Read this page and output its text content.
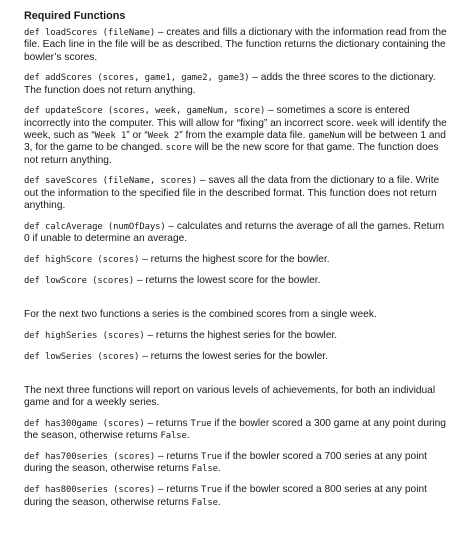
Required Functions

def loadScores (fileName) – creates and fills a dictionary with the information read from the file. Each line in the file will be as described. The function returns the dictionary containing the bowler’s scores.

def addScores (scores, game1, game2, game3) – adds the three scores to the dictionary. The function does not return anything.

def updateScore (scores, week, gameNum, score) – sometimes a score is entered incorrectly into the computer. This will allow for “fixing” an incorrect score. week will identify the week, such as “Week 1” or “Week 2” from the example data file. gameNum will be between 1 and 3, for the game to be changed. score will be the new score for that game. The function does not return anything.

def saveScores (fileName, scores) – saves all the data from the dictionary to a file. Write out the information to the specified file in the described format. This function does not return anything.

def calcAverage (numOfDays) – calculates and returns the average of all the games. Return 0 if unable to determine an average.

def highScore (scores) – returns the highest score for the bowler.

def lowScore (scores) – returns the lowest score for the bowler.

For the next two functions a series is the combined scores from a single week.

def highSeries (scores) – returns the highest series for the bowler.

def lowSeries (scores) – returns the lowest series for the bowler.

The next three functions will report on various levels of achievements, for both an individual game and for a weekly series.

def has300game (scores) – returns True if the bowler scored a 300 game at any point during the season, otherwise returns False.

def has700series (scores) – returns True if the bowler scored a 700 series at any point during the season, otherwise returns False.

def has800series (scores) – returns True if the bowler scored a 800 series at any point during the season, otherwise returns False.
